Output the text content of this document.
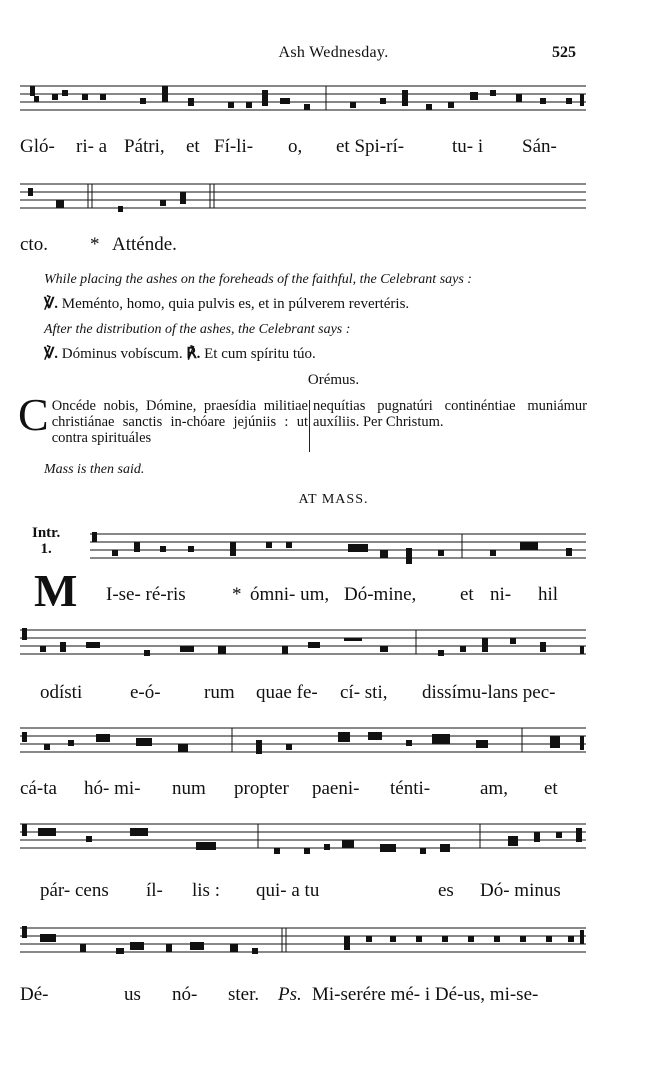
Ash Wednesday.	525
Gló- ri- a Pátri, et Fí-li- o, et Spi-rí-	tu- i Sán-
cto. * Atténde.
While placing the ashes on the foreheads of the faithful, the Celebrant says :
℣. Meménto, homo, quia pulvis es, et in púlverem revertéris.
After the distribution of the ashes, the Celebrant says :
℣. Dóminus vobíscum. ℟. Et cum spíritu túo.
Orémus.
C Oncéde nobis, Dómine, praesídia militiae christiánae sanctis in-chóare jejúniis : ut contra spirituáles
nequítias pugnatúri continéntiae muniámur auxíliis. Per Christum.
Mass is then said.
AT MASS.
Intr.
1.
M I-se- ré-ris * ómni- um, Dó-mine, et ni- hil
odísti	e-ó- rum quae fe- cí- sti, dissímu-lans pec-
cá-ta hó- mi- num propter paeni- ténti-	am, et
pár- cens íl- lis : qui- a tu	es Dó- minus
Dé-	us nó- ster. Ps. Mi-serére mé- i Dé-us, mi-se-
